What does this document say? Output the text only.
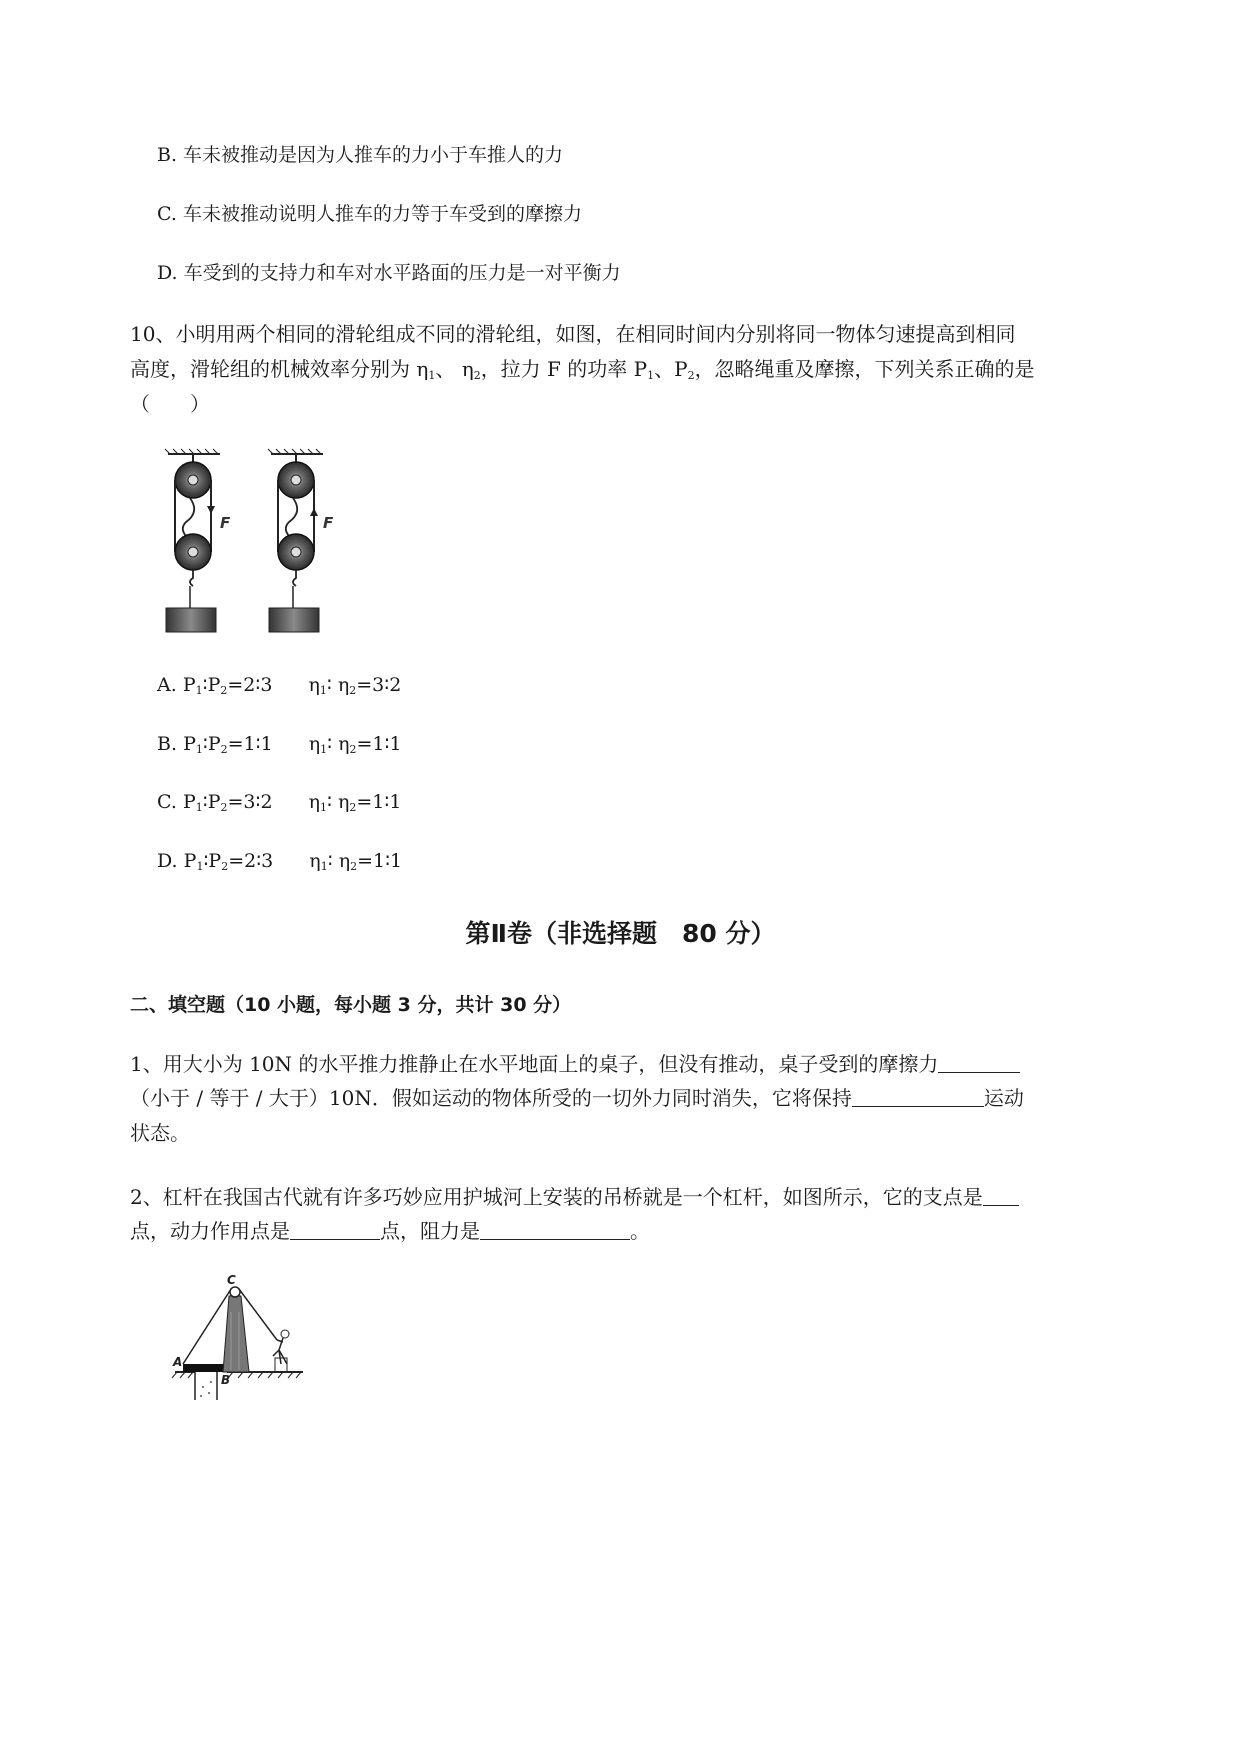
B. 车未被推动是因为人推车的力小于车推人的力
C. 车未被推动说明人推车的力等于车受到的摩擦力
D. 车受到的支持力和车对水平路面的压力是一对平衡力
10、小明用两个相同的滑轮组成不同的滑轮组，如图，在相同时间内分别将同一物体匀速提高到相同
高度，滑轮组的机械效率分别为 $\eta_1$、 $\eta_2$，拉力 F 的功率 $P_1$、$P_2$，忽略绳重及摩擦，下列关系正确的是
（　　）
F	F
A. $P_1∶P_2=2∶3$ $\eta_1∶$ $\eta_2=3∶2$
B. $P_1∶P_2=1∶1$ $\eta_1∶$ $\eta_2=1∶1$
C. $P_1∶P_2=3∶2$ $\eta_1∶$ $\eta_2=1∶1$
D. $P_1∶P_2=2∶3$ $\eta_1∶$ $\eta_2=1∶1$
第Ⅱ卷（非选择题　80 分）
二、填空题（10 小题，每小题 3 分，共计 30 分）
1、用大小为 10N 的水平推力推静止在水平地面上的桌子，但没有推动，桌子受到的摩擦力
（小于 / 等于 / 大于）10N．假如运动的物体所受的一切外力同时消失，它将保持	运动
状态。
2、杠杆在我国古代就有许多巧妙应用护城河上安装的吊桥就是一个杠杆，如图所示，它的支点是
点，动力作用点是	点，阻力是	。
A
B
C
